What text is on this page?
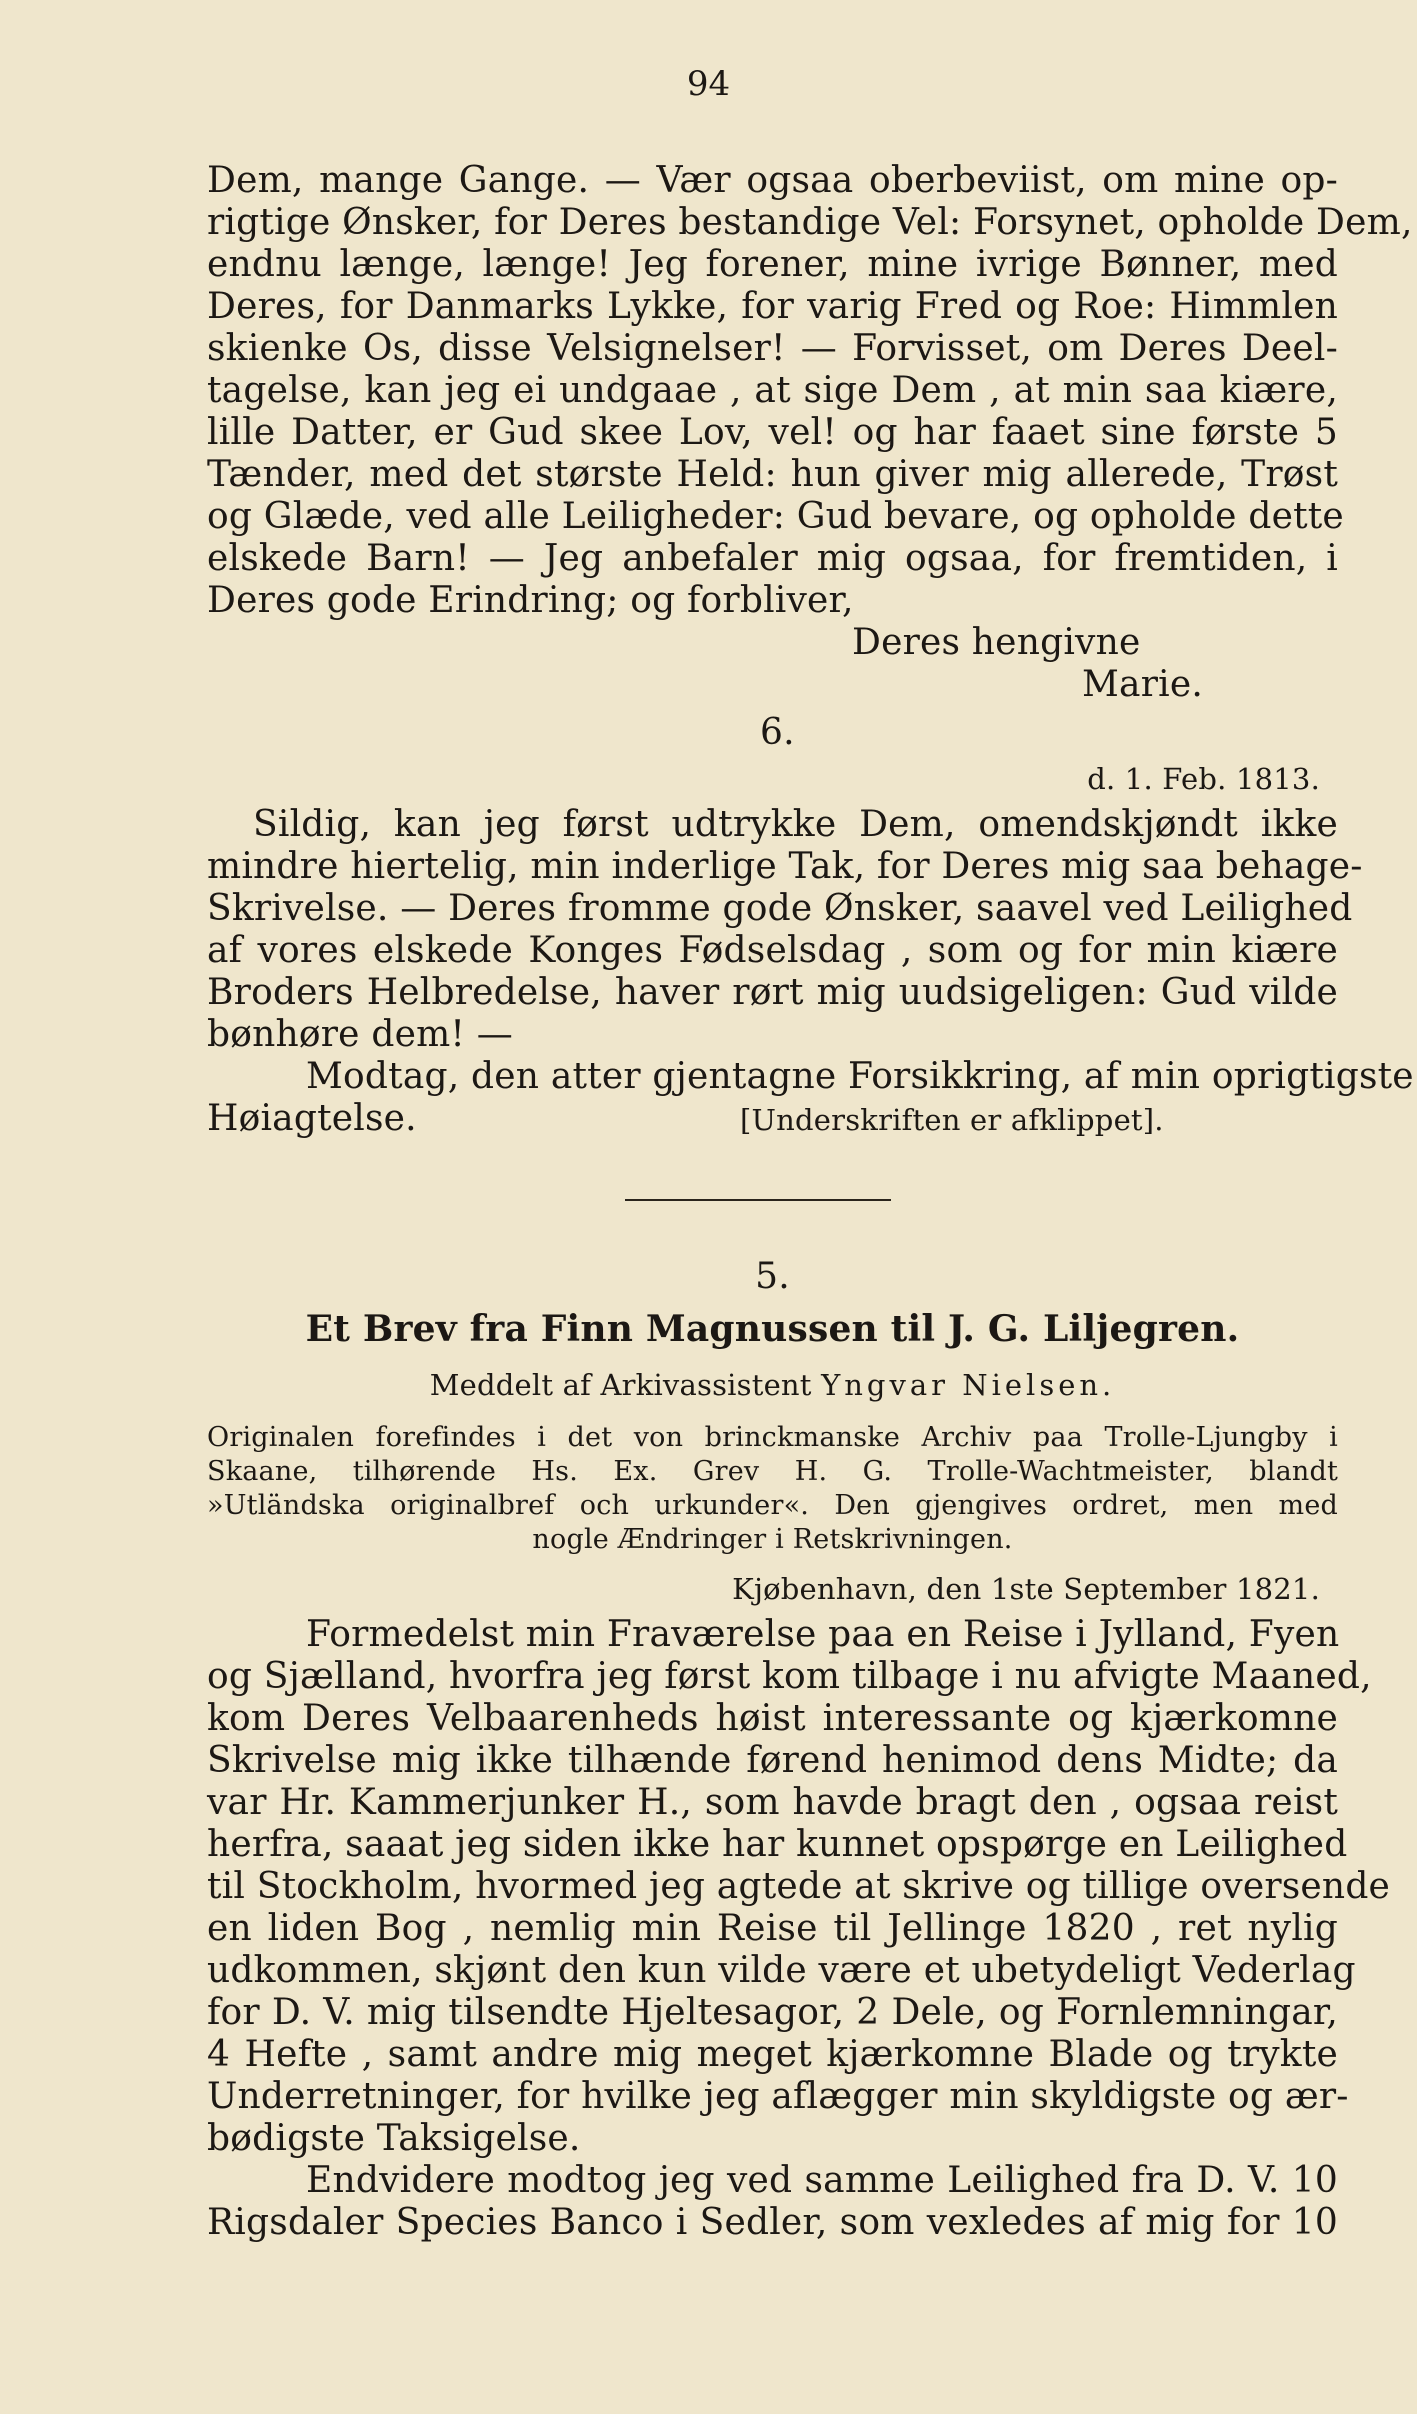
94
Dem, mange Gange. — Vær ogsaa oberbeviist, om mine op-
rigtige Ønsker, for Deres bestandige Vel: Forsynet, opholde Dem,
endnu længe, længe! Jeg forener, mine ivrige Bønner, med
Deres, for Danmarks Lykke, for varig Fred og Roe: Himmlen
skienke Os, disse Velsignelser! — Forvisset, om Deres Deel-
tagelse, kan jeg ei undgaae , at sige Dem , at min saa kiære,
lille Datter, er Gud skee Lov, vel! og har faaet sine første 5
Tænder, med det største Held: hun giver mig allerede, Trøst
og Glæde, ved alle Leiligheder: Gud bevare, og opholde dette
elskede Barn! — Jeg anbefaler mig ogsaa, for fremtiden, i
Deres gode Erindring; og forbliver,
Deres hengivne
Marie.
6.
d. 1. Feb. 1813.
Sildig, kan jeg først udtrykke Dem, omendskjøndt ikke
mindre hiertelig, min inderlige Tak, for Deres mig saa behage-
Skrivelse. — Deres fromme gode Ønsker, saavel ved Leilighed
af vores elskede Konges Fødselsdag , som og for min kiære
Broders Helbredelse, haver rørt mig uudsigeligen: Gud vilde
bønhøre dem! —
Modtag, den atter gjentagne Forsikkring, af min oprigtigste
Høiagtelse.	[Underskriften er afklippet].
5.
Et Brev fra Finn Magnussen til J. G. Liljegren.
Meddelt af Arkivassistent Yngvar Nielsen.
Originalen forefindes i det von brinckmanske Archiv paa Trolle-Ljungby i
Skaane, tilhørende Hs. Ex. Grev H. G. Trolle-Wachtmeister, blandt
»Utländska originalbref och urkunder«. Den gjengives ordret, men med
nogle Ændringer i Retskrivningen.
Kjøbenhavn, den 1ste September 1821.
Formedelst min Fraværelse paa en Reise i Jylland, Fyen
og Sjælland, hvorfra jeg først kom tilbage i nu afvigte Maaned,
kom Deres Velbaarenheds høist interessante og kjærkomne
Skrivelse mig ikke tilhænde førend henimod dens Midte; da
var Hr. Kammerjunker H., som havde bragt den , ogsaa reist
herfra, saaat jeg siden ikke har kunnet opspørge en Leilighed
til Stockholm, hvormed jeg agtede at skrive og tillige oversende
en liden Bog , nemlig min Reise til Jellinge 1820 , ret nylig
udkommen, skjønt den kun vilde være et ubetydeligt Vederlag
for D. V. mig tilsendte Hjeltesagor, 2 Dele, og Fornlemningar,
4 Hefte , samt andre mig meget kjærkomne Blade og trykte
Underretninger, for hvilke jeg aflægger min skyldigste og ær-
bødigste Taksigelse.
Endvidere modtog jeg ved samme Leilighed fra D. V. 10
Rigsdaler Species Banco i Sedler, som vexledes af mig for 10
